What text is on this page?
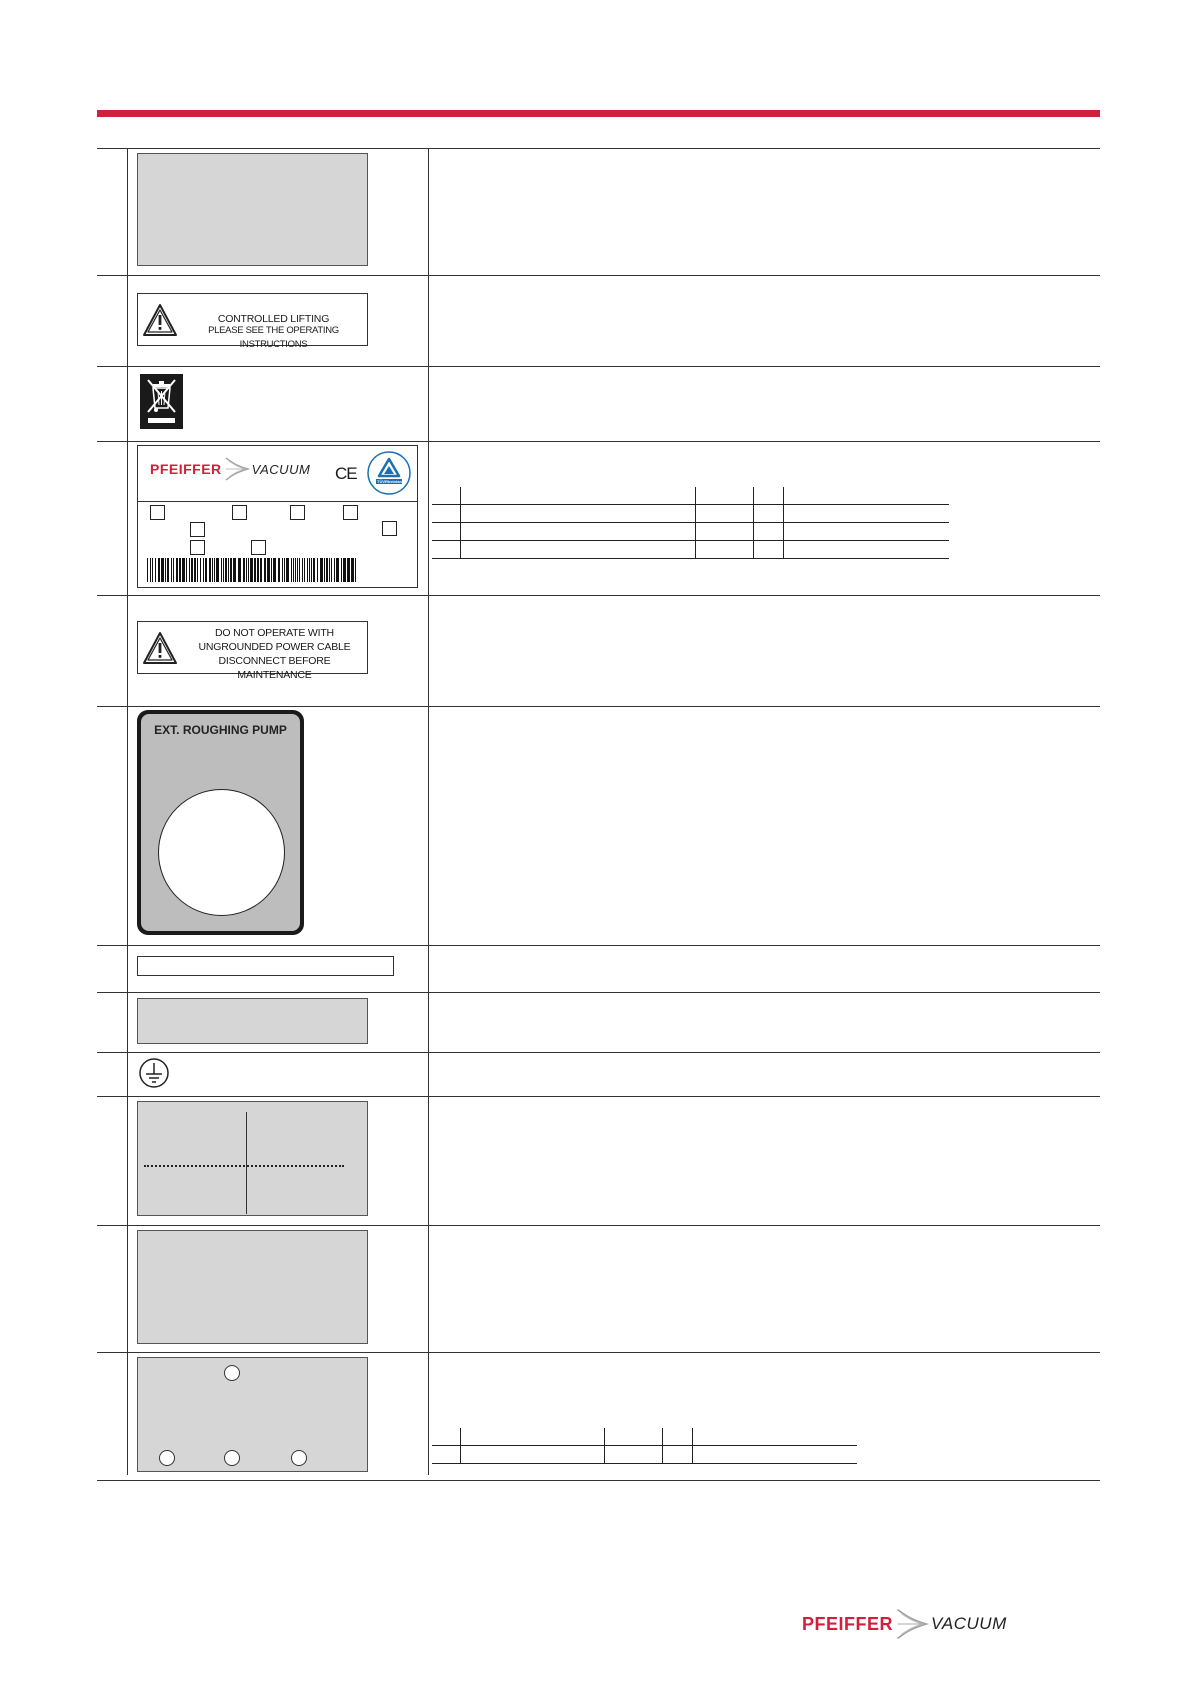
CONTROLLED LIFTING
PLEASE SEE THE OPERATING INSTRUCTIONS
PFEIFFER VACUUM CE	TÜVRheinland

DO NOT OPERATE WITH
UNGROUNDED POWER CABLE
DISCONNECT BEFORE MAINTENANCE
EXT. ROUGHING PUMP

PFEIFFER VACUUM
